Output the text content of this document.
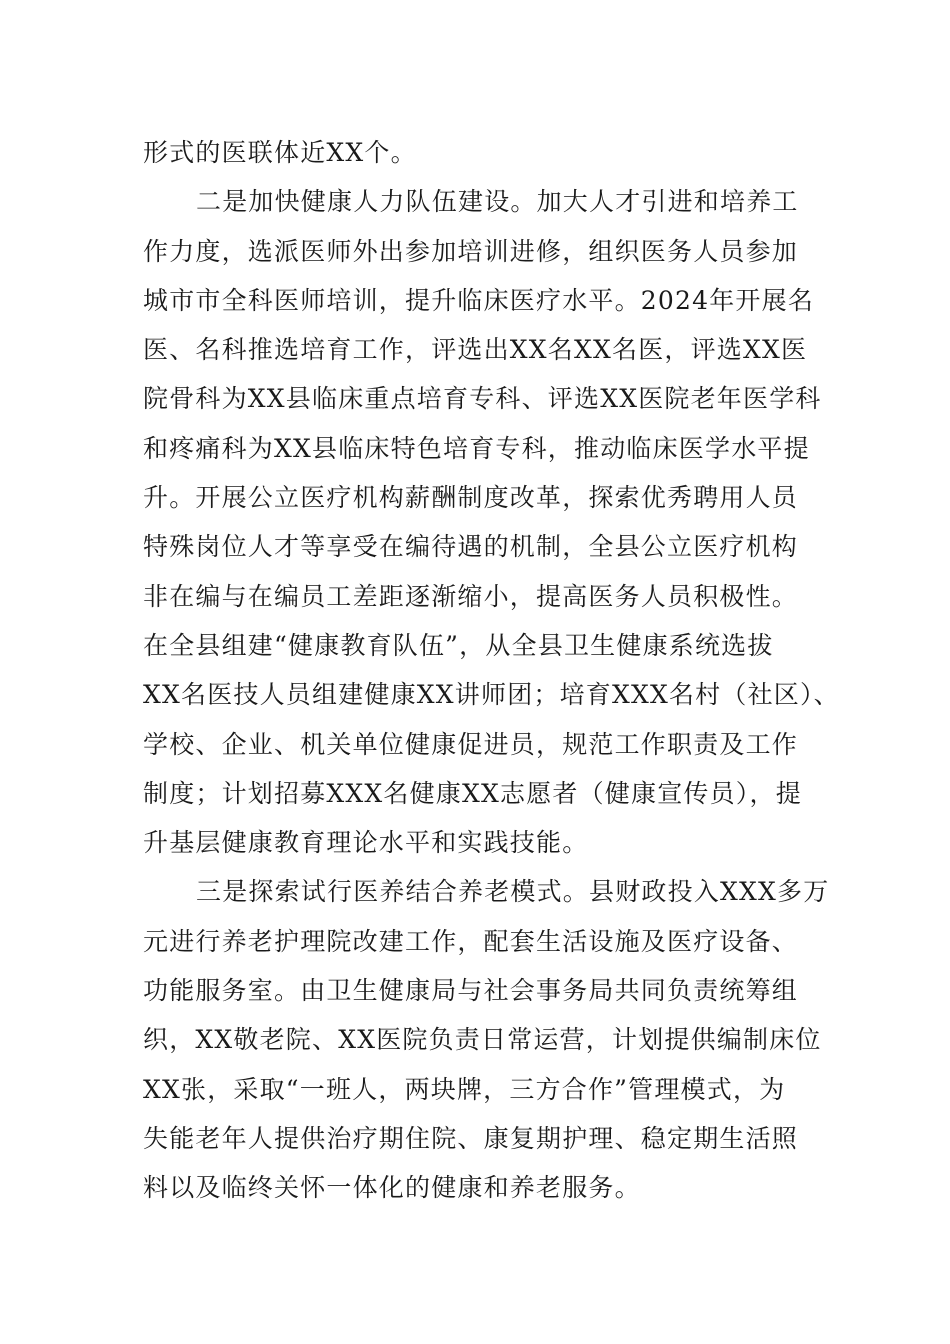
形式的医联体近XX个。
二是加快健康人力队伍建设。加大人才引进和培养工
作力度，选派医师外出参加培训进修，组织医务人员参加
城市市全科医师培训，提升临床医疗水平。2024年开展名
医、名科推选培育工作，评选出XX名XX名医，评选XX医
院骨科为XX县临床重点培育专科、评选XX医院老年医学科
和疼痛科为XX县临床特色培育专科，推动临床医学水平提
升。开展公立医疗机构薪酬制度改革，探索优秀聘用人员
特殊岗位人才等享受在编待遇的机制，全县公立医疗机构
非在编与在编员工差距逐渐缩小，提高医务人员积极性。
在全县组建“健康教育队伍”，从全县卫生健康系统选拔
XX名医技人员组建健康XX讲师团；培育XXX名村（社区）、
学校、企业、机关单位健康促进员，规范工作职责及工作
制度；计划招募XXX名健康XX志愿者（健康宣传员），提
升基层健康教育理论水平和实践技能。
三是探索试行医养结合养老模式。县财政投入XXX多万
元进行养老护理院改建工作，配套生活设施及医疗设备、
功能服务室。由卫生健康局与社会事务局共同负责统筹组
织，XX敬老院、XX医院负责日常运营，计划提供编制床位
XX张，采取“一班人，两块牌，三方合作”管理模式，为
失能老年人提供治疗期住院、康复期护理、稳定期生活照
料以及临终关怀一体化的健康和养老服务。
